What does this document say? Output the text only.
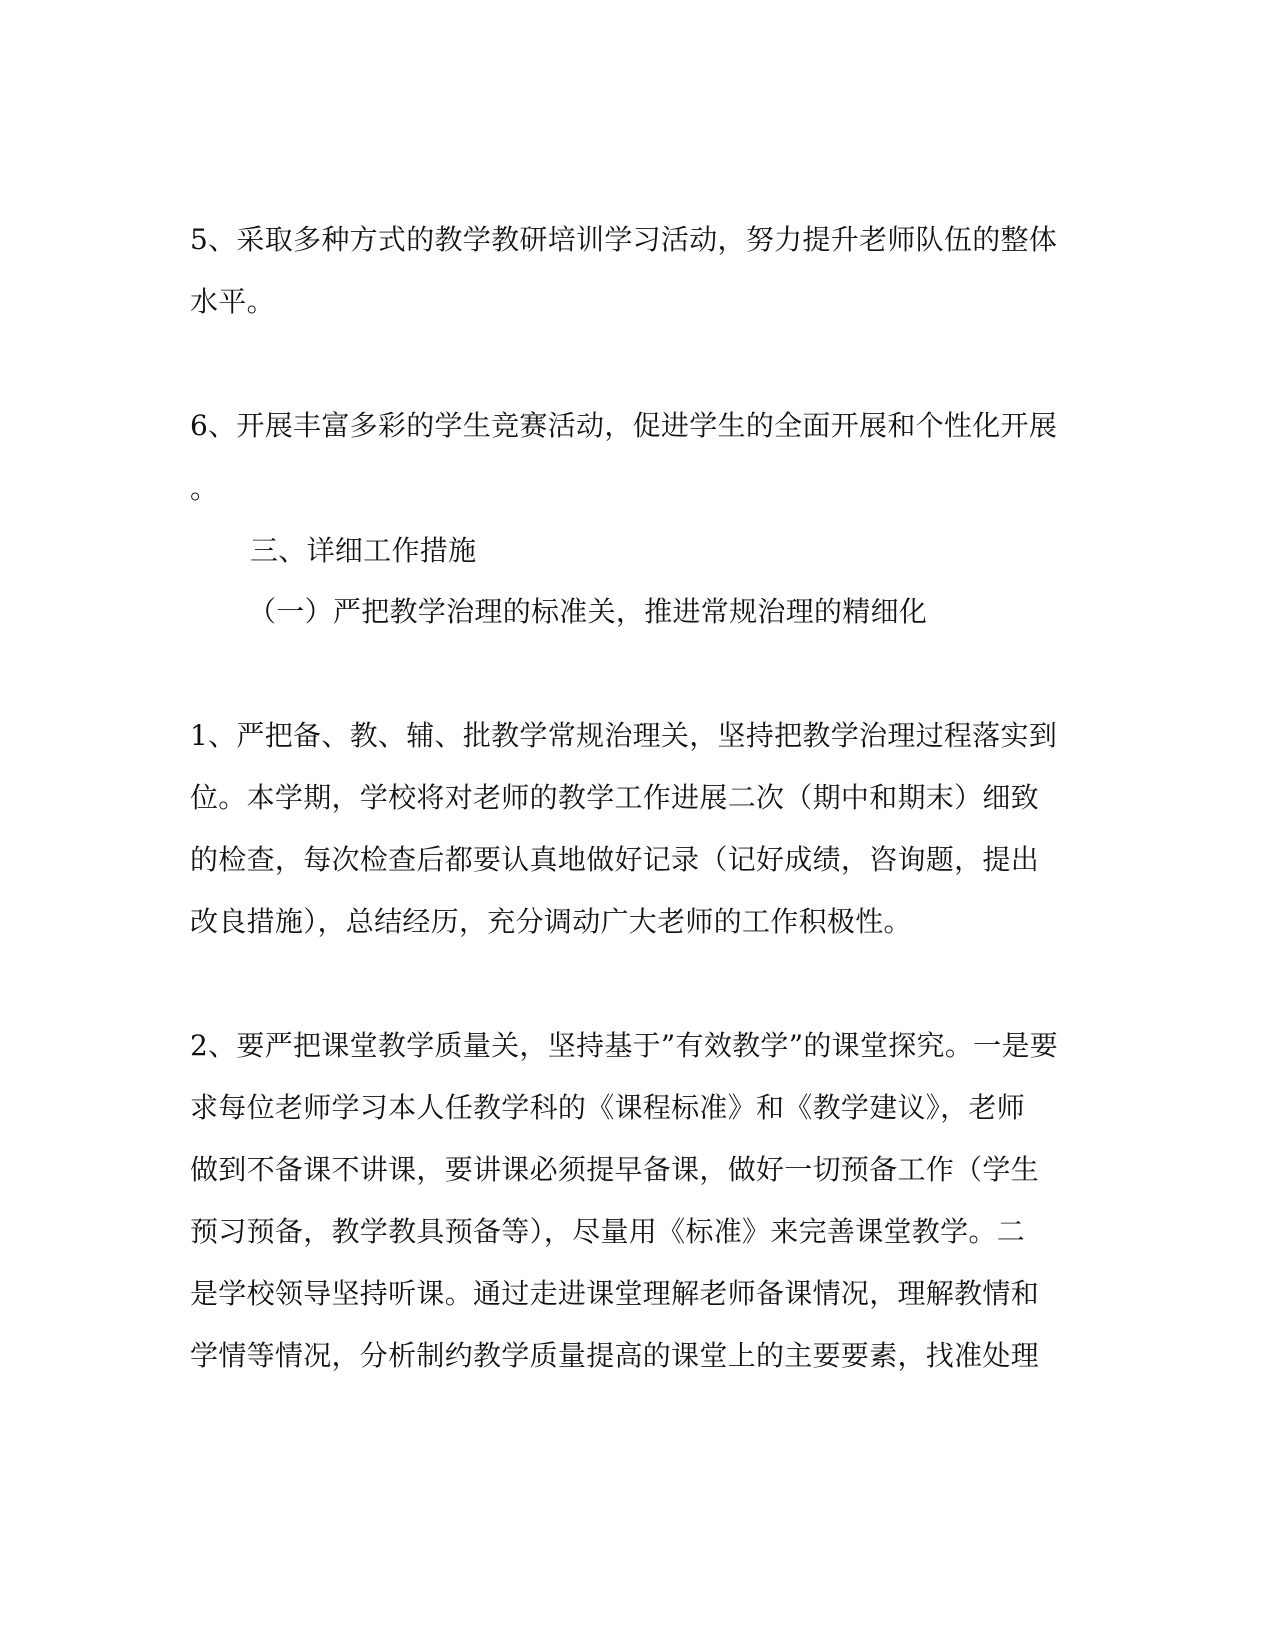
5、采取多种方式的教学教研培训学习活动，努力提升老师队伍的整体
水平。
6、开展丰富多彩的学生竞赛活动，促进学生的全面开展和个性化开展
。
三、详细工作措施
（一）严把教学治理的标准关，推进常规治理的精细化
1、严把备、教、辅、批教学常规治理关，坚持把教学治理过程落实到
位。本学期，学校将对老师的教学工作进展二次（期中和期末）细致
的检查，每次检查后都要认真地做好记录（记好成绩，咨询题，提出
改良措施），总结经历，充分调动广大老师的工作积极性。
2、要严把课堂教学质量关，坚持基于”有效教学”的课堂探究。一是要
求每位老师学习本人任教学科的《课程标准》和《教学建议》，老师
做到不备课不讲课，要讲课必须提早备课，做好一切预备工作（学生
预习预备，教学教具预备等），尽量用《标准》来完善课堂教学。二
是学校领导坚持听课。通过走进课堂理解老师备课情况，理解教情和
学情等情况，分析制约教学质量提高的课堂上的主要要素，找准处理
